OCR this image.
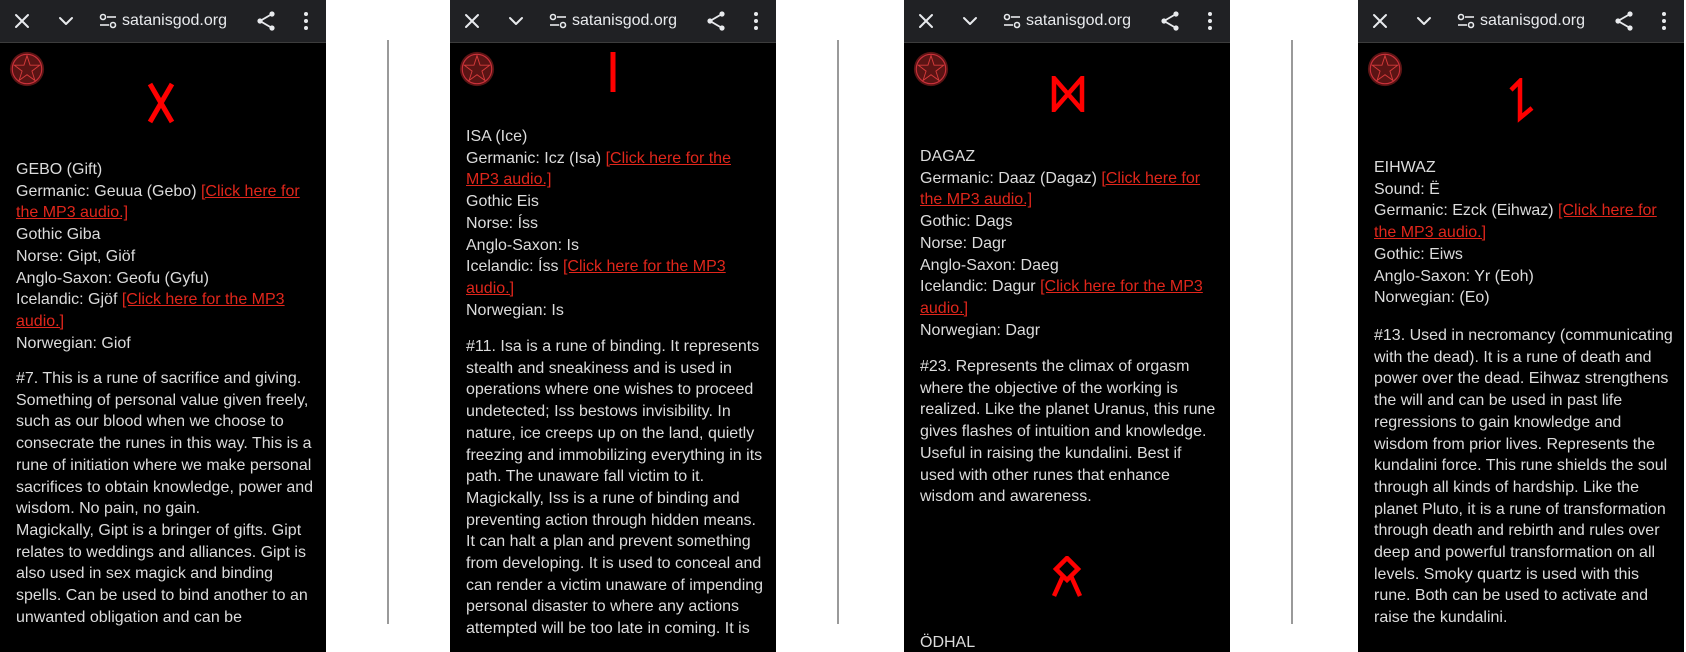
satanisgod.org
GEBO (Gift)
Germanic: Geuua (Gebo) [Click here for the MP3 audio.]
Gothic Giba
Norse: Gipt, Giöf
Anglo-Saxon: Geofu (Gyfu)
Icelandic: Gjöf [Click here for the MP3 audio.]
Norwegian: Giof
#7. This is a rune of sacrifice and giving. Something of personal value given freely, such as our blood when we choose to consecrate the runes in this way. This is a rune of initiation where we make personal sacrifices to obtain knowledge, power and wisdom. No pain, no gain.
Magickally, Gipt is a bringer of gifts. Gipt relates to weddings and alliances. Gipt is also used in sex magick and binding spells. Can be used to bind another to an unwanted obligation and can be
satanisgod.org
ISA (Ice)
Germanic: Icz (Isa) [Click here for the MP3 audio.]
Gothic Eis
Norse: Íss
Anglo-Saxon: Is
Icelandic: Íss [Click here for the MP3 audio.]
Norwegian: Is
#11. Isa is a rune of binding. It represents stealth and sneakiness and is used in operations where one wishes to proceed undetected; Iss bestows invisibility. In nature, ice creeps up on the land, quietly freezing and immobilizing everything in its path. The unaware fall victim to it. Magickally, Iss is a rune of binding and preventing action through hidden means. It can halt a plan and prevent something from developing. It is used to conceal and can render a victim unaware of impending personal disaster to where any actions attempted will be too late in coming. It is
satanisgod.org
DAGAZ
Germanic: Daaz (Dagaz) [Click here for the MP3 audio.]
Gothic: Dags
Norse: Dagr
Anglo-Saxon: Daeg
Icelandic: Dagur [Click here for the MP3 audio.]
Norwegian: Dagr
#23. Represents the climax of orgasm where the objective of the working is realized. Like the planet Uranus, this rune gives flashes of intuition and knowledge. Useful in raising the kundalini. Best if used with other runes that enhance wisdom and awareness.
ÖDHAL
satanisgod.org
EIHWAZ
Sound: Ë
Germanic: Ezck (Eihwaz) [Click here for the MP3 audio.]
Gothic: Eiws
Anglo-Saxon: Yr (Eoh)
Norwegian: (Eo)
#13. Used in necromancy (communicating with the dead). It is a rune of death and power over the dead. Eihwaz strengthens the will and can be used in past life regressions to gain knowledge and wisdom from prior lives. Represents the kundalini force. This rune shields the soul through all kinds of hardship. Like the planet Pluto, it is a rune of transformation through death and rebirth and rules over deep and powerful transformation on all levels. Smoky quartz is used with this rune. Both can be used to activate and raise the kundalini.
